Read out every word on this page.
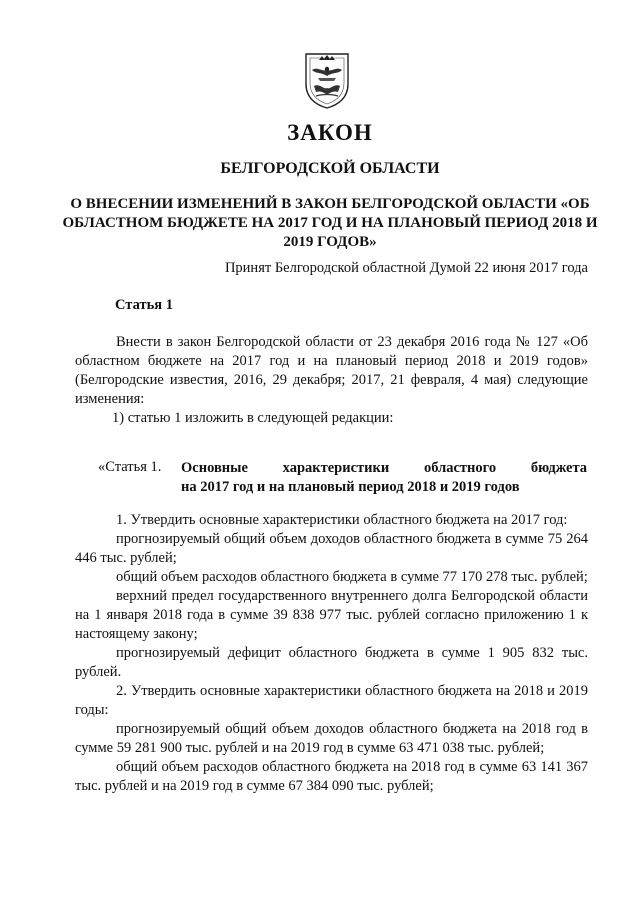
ЗАКОН
БЕЛГОРОДСКОЙ ОБЛАСТИ
О ВНЕСЕНИИ ИЗМЕНЕНИЙ В ЗАКОН БЕЛГОРОДСКОЙ ОБЛАСТИ «ОБ ОБЛАСТНОМ БЮДЖЕТЕ НА 2017 ГОД И НА ПЛАНОВЫЙ ПЕРИОД 2018 И 2019 ГОДОВ»
Принят Белгородской областной Думой 22 июня 2017 года
Статья 1

Внести в закон Белгородской области от 23 декабря 2016 года № 127 «Об областном бюджете на 2017 год и на плановый период 2018 и 2019 годов» (Белгородские известия, 2016, 29 декабря; 2017, 21 февраля, 4 мая) следующие изменения:

1) статью 1 изложить в следующей редакции:
«Статья 1. Основные характеристики областного бюджета
на 2017 год и на плановый период 2018 и 2019 годов

1. Утвердить основные характеристики областного бюджета на 2017 год:

прогнозируемый общий объем доходов областного бюджета в сумме 75 264 446 тыс. рублей;

общий объем расходов областного бюджета в сумме 77 170 278 тыс. рублей;

верхний предел государственного внутреннего долга Белгородской области на 1 января 2018 года в сумме 39 838 977 тыс. рублей согласно приложению 1 к настоящему закону;

прогнозируемый дефицит областного бюджета в сумме 1 905 832 тыс. рублей.

2. Утвердить основные характеристики областного бюджета на 2018 и 2019 годы:

прогнозируемый общий объем доходов областного бюджета на 2018 год в сумме 59 281 900 тыс. рублей и на 2019 год в сумме 63 471 038 тыс. рублей;

общий объем расходов областного бюджета на 2018 год в сумме 63 141 367 тыс. рублей и на 2019 год в сумме 67 384 090 тыс. рублей;
